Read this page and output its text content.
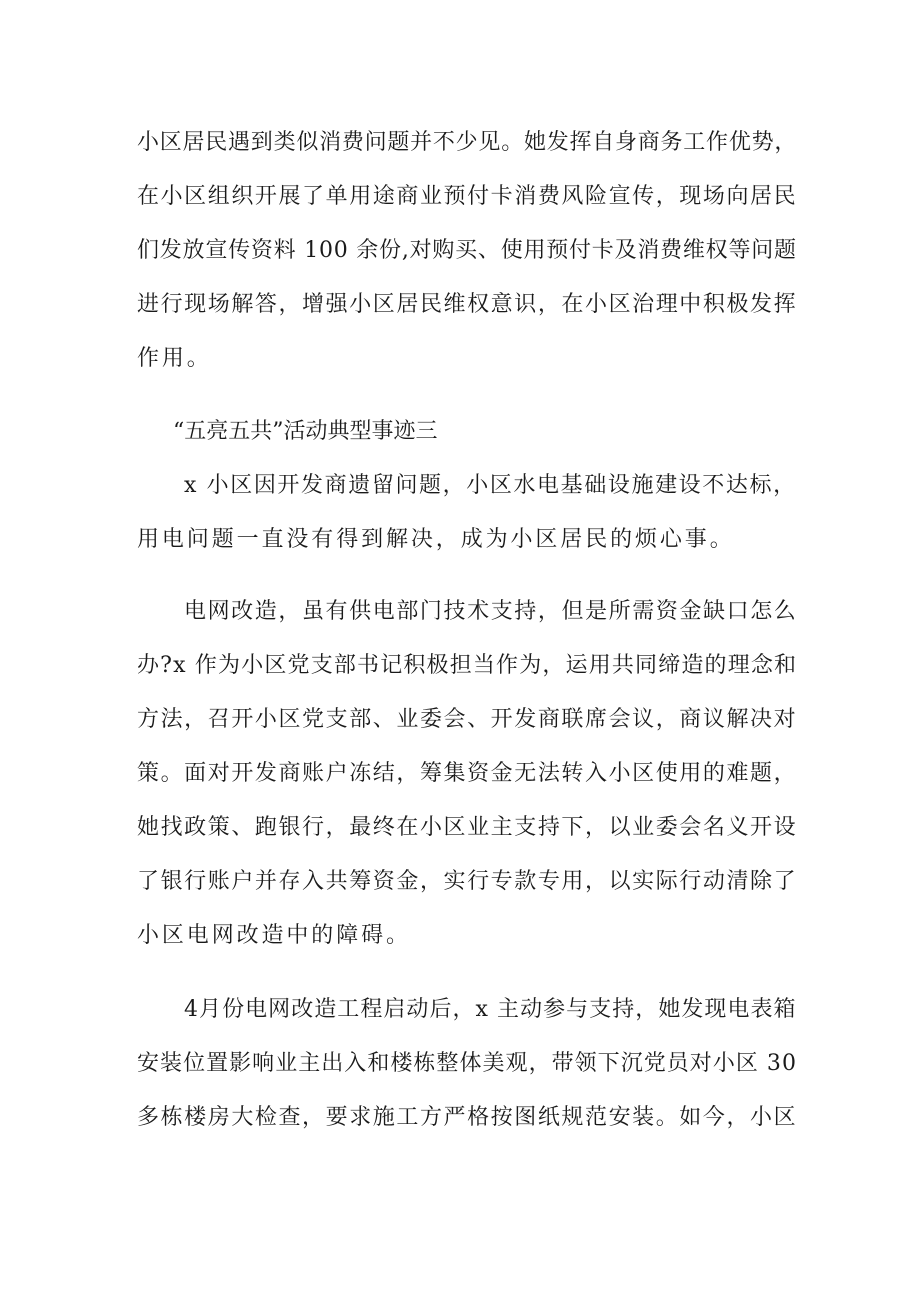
小区居民遇到类似消费问题并不少见。她发挥自身商务工作优势，
在小区组织开展了单用途商业预付卡消费风险宣传，现场向居民
们发放宣传资料 100 余份,对购买、使用预付卡及消费维权等问题
进行现场解答，增强小区居民维权意识，在小区治理中积极发挥
作用。
“五亮五共”活动典型事迹三
x 小区因开发商遗留问题，小区水电基础设施建设不达标，
用电问题一直没有得到解决，成为小区居民的烦心事。
电网改造，虽有供电部门技术支持，但是所需资金缺口怎么
办?x 作为小区党支部书记积极担当作为，运用共同缔造的理念和
方法，召开小区党支部、业委会、开发商联席会议，商议解决对
策。面对开发商账户冻结，筹集资金无法转入小区使用的难题，
她找政策、跑银行，最终在小区业主支持下，以业委会名义开设
了银行账户并存入共筹资金，实行专款专用，以实际行动清除了
小区电网改造中的障碍。
4月份电网改造工程启动后，x 主动参与支持，她发现电表箱
安装位置影响业主出入和楼栋整体美观，带领下沉党员对小区 30
多栋楼房大检查，要求施工方严格按图纸规范安装。如今，小区
